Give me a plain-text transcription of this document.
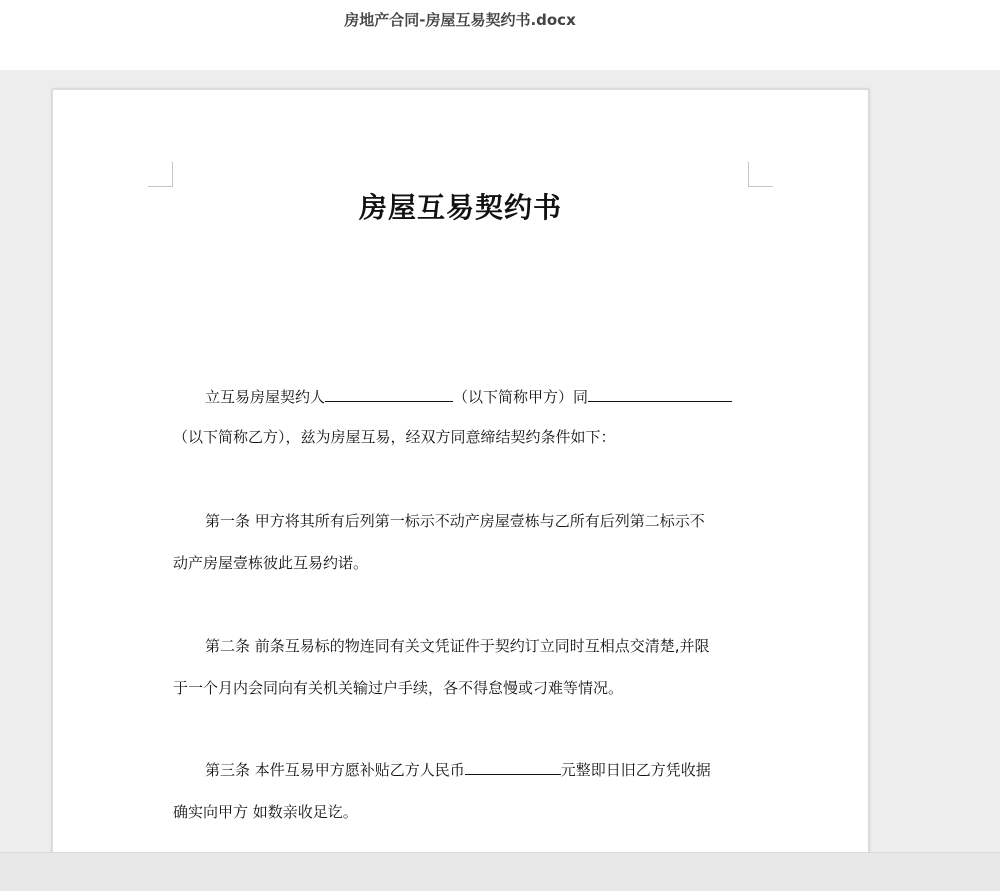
房地产合同-房屋互易契约书.docx
房屋互易契约书
立互易房屋契约人	（以下简称甲方）同
（以下简称乙方），兹为房屋互易，经双方同意缔结契约条件如下：
第一条 甲方将其所有后列第一标示不动产房屋壹栋与乙所有后列第二标示不
动产房屋壹栋彼此互易约诺。
第二条 前条互易标的物连同有关文凭证件于契约订立同时互相点交清楚,并限
于一个月内会同向有关机关输过户手续，各不得怠慢或刁难等情况。
第三条 本件互易甲方愿补贴乙方人民币	元整即日旧乙方凭收据
确实向甲方 如数亲收足讫。
